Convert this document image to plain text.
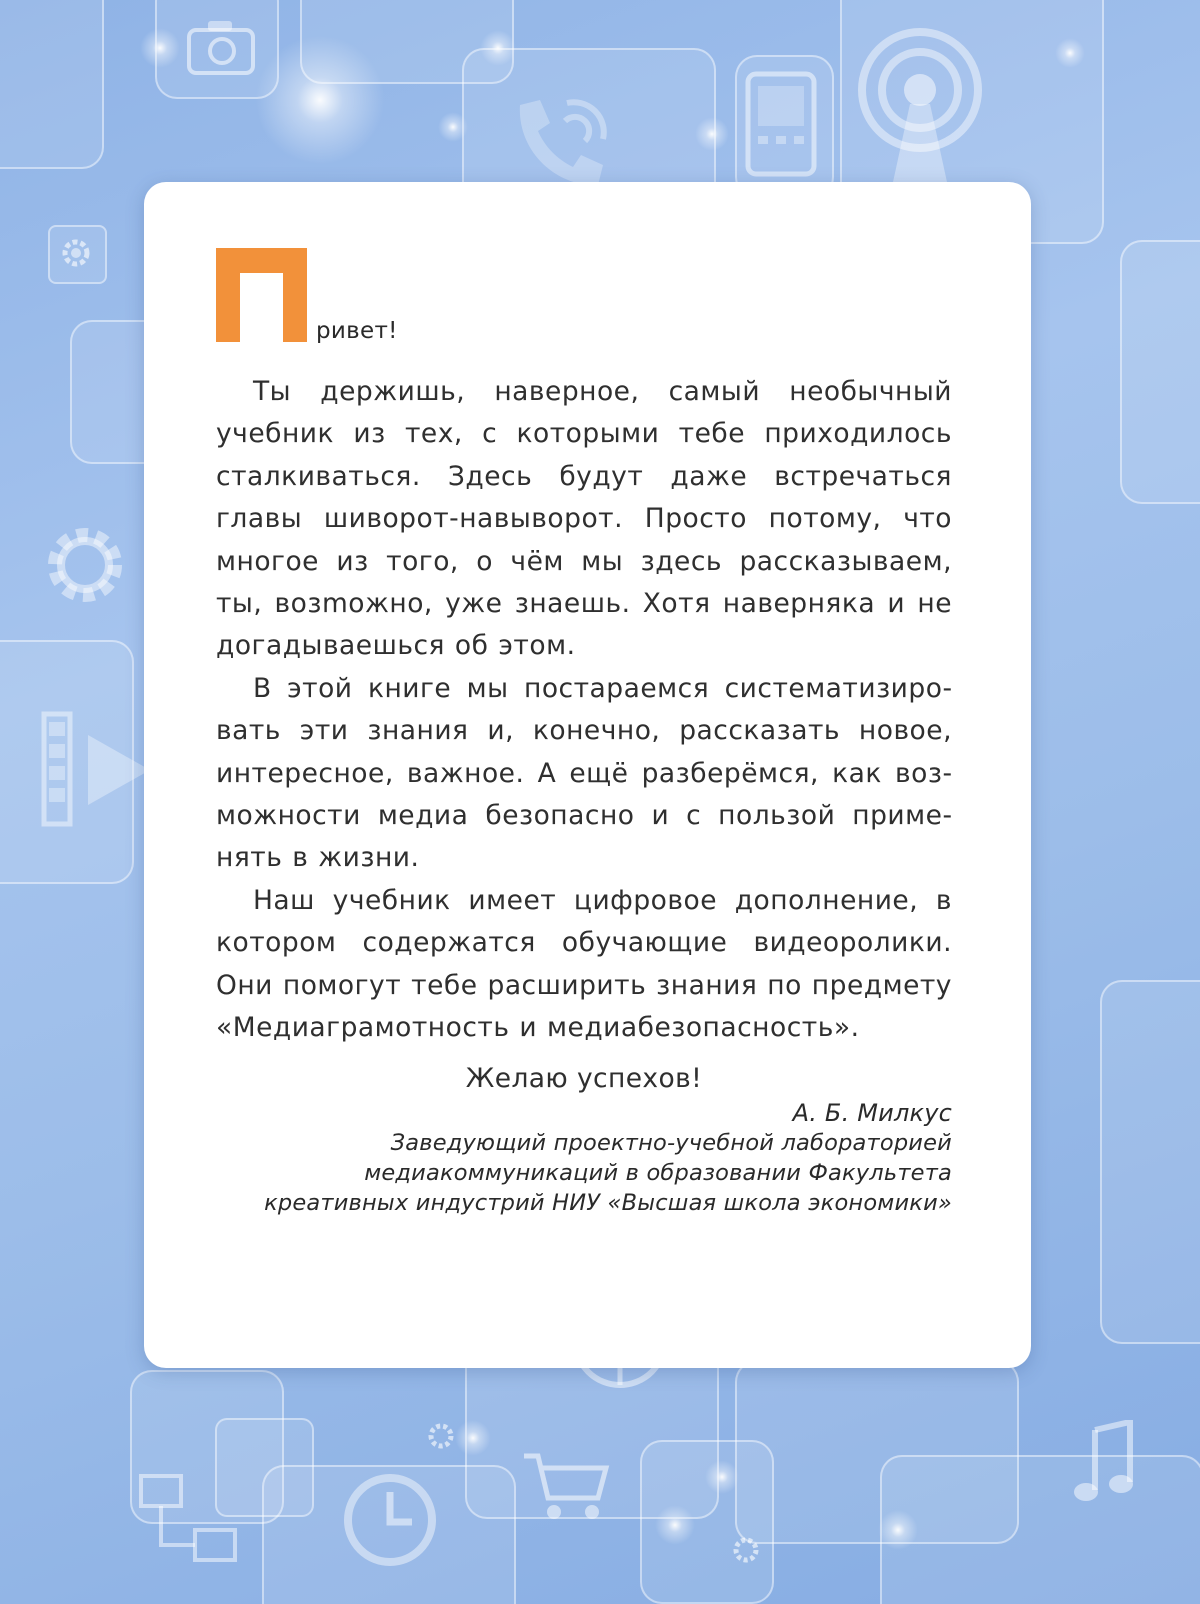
ривет!

Ты держишь, наверное, самый необычный учебник из тех, с которыми тебе приходилось сталкиваться. Здесь будут даже встречаться главы шиворот-навыворот. Просто потому, что многое из того, о чём мы здесь рассказываем, ты, возmожно, уже знаешь. Хотя наверняка и не догадываешься об этом.

В этой книге мы постараемся систематизировать эти знания и, конечно, рассказать новое, интересное, важное. А ещё разберёмся, как возможности медиа безопасно и с пользой применять в жизни.

Наш учебник имеет цифровое дополнение, в котором содержатся обучающие видеоролики. Они помогут тебе расширить знания по предмету «Медиаграмотность и медиабезопасность».

Желаю успехов!
А. Б. Милкус
Заведующий проектно-учебной лабораторией
медиакоммуникаций в образовании Факультета
креативных индустрий НИУ «Высшая школа экономики»
